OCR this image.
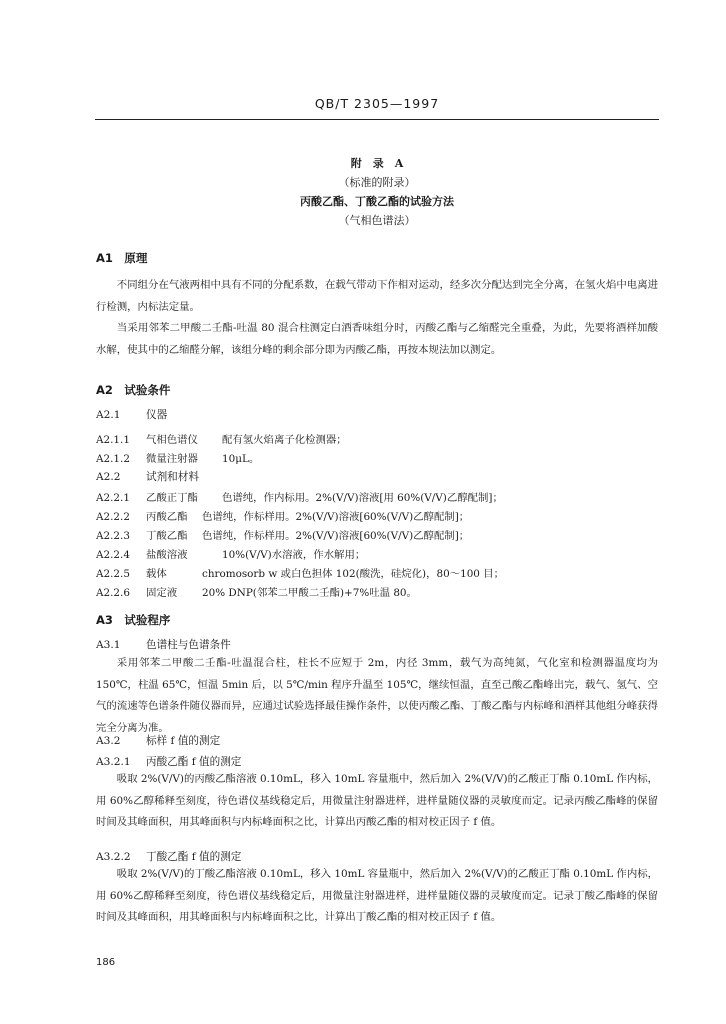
QB/T 2305—1997
附　录　A
（标准的附录）
丙酸乙酯、丁酸乙酯的试验方法
（气相色谱法）
A1　原理

不同组分在气液两相中具有不同的分配系数，在载气带动下作相对运动，经多次分配达到完全分离，在氢火焰中电离进行检测，内标法定量。

当采用邻苯二甲酸二壬酯-吐温 80 混合柱测定白酒香味组分时，丙酸乙酯与乙缩醛完全重叠，为此，先要将酒样加酸水解，使其中的乙缩醛分解，该组分峰的剩余部分即为丙酸乙酯，再按本规法加以测定。

A2　试验条件
A2.1 仪器
A2.1.1 气相色谱仪 配有氢火焰离子化检测器；
A2.1.2 微量注射器 10μL。
A2.2 试剂和材料
A2.2.1 乙酸正丁酯 色谱纯，作内标用。2%(V/V)溶液[用 60%(V/V)乙醇配制]；
A2.2.2 丙酸乙酯 色谱纯，作标样用。2%(V/V)溶液[60%(V/V)乙醇配制]；
A2.2.3 丁酸乙酯 色谱纯，作标样用。2%(V/V)溶液[60%(V/V)乙醇配制]；
A2.2.4 盐酸溶液	10%(V/V)水溶液，作水解用；
A2.2.5 载体	chromosorb w 或白色担体 102(酸洗，硅烷化)，80～100 目；
A2.2.6 固定液 20% DNP(邻苯二甲酸二壬酯)+7%吐温 80。
A3　试验程序
A3.1 色谱柱与色谱条件

采用邻苯二甲酸二壬酯-吐温混合柱，柱长不应短于 2m，内径 3mm，载气为高纯氮，气化室和检测器温度均为 150℃，柱温 65℃，恒温 5min 后，以 5℃/min 程序升温至 105℃，继续恒温，直至己酸乙酯峰出完，载气、氢气、空气的流速等色谱条件随仪器而异，应通过试验选择最佳操作条件，以使丙酸乙酯、丁酸乙酯与内标峰和酒样其他组分峰获得完全分离为准。

A3.2 标样 f 值的测定
A3.2.1 丙酸乙酯 f 值的测定

吸取 2%(V/V)的丙酸乙酯溶液 0.10mL，移入 10mL 容量瓶中，然后加入 2%(V/V)的乙酸正丁酯 0.10mL 作内标，用 60%乙醇稀释至刻度，待色谱仪基线稳定后，用微量注射器进样，进样量随仪器的灵敏度而定。记录丙酸乙酯峰的保留时间及其峰面积，用其峰面积与内标峰面积之比，计算出丙酸乙酯的相对校正因子 f 值。

A3.2.2 丁酸乙酯 f 值的测定

吸取 2%(V/V)的丁酸乙酯溶液 0.10mL，移入 10mL 容量瓶中，然后加入 2%(V/V)的乙酸正丁酯 0.10mL 作内标，用 60%乙醇稀释至刻度，待色谱仪基线稳定后，用微量注射器进样，进样量随仪器的灵敏度而定。记录丁酸乙酯峰的保留时间及其峰面积，用其峰面积与内标峰面积之比，计算出丁酸乙酯的相对校正因子 f 值。

186
